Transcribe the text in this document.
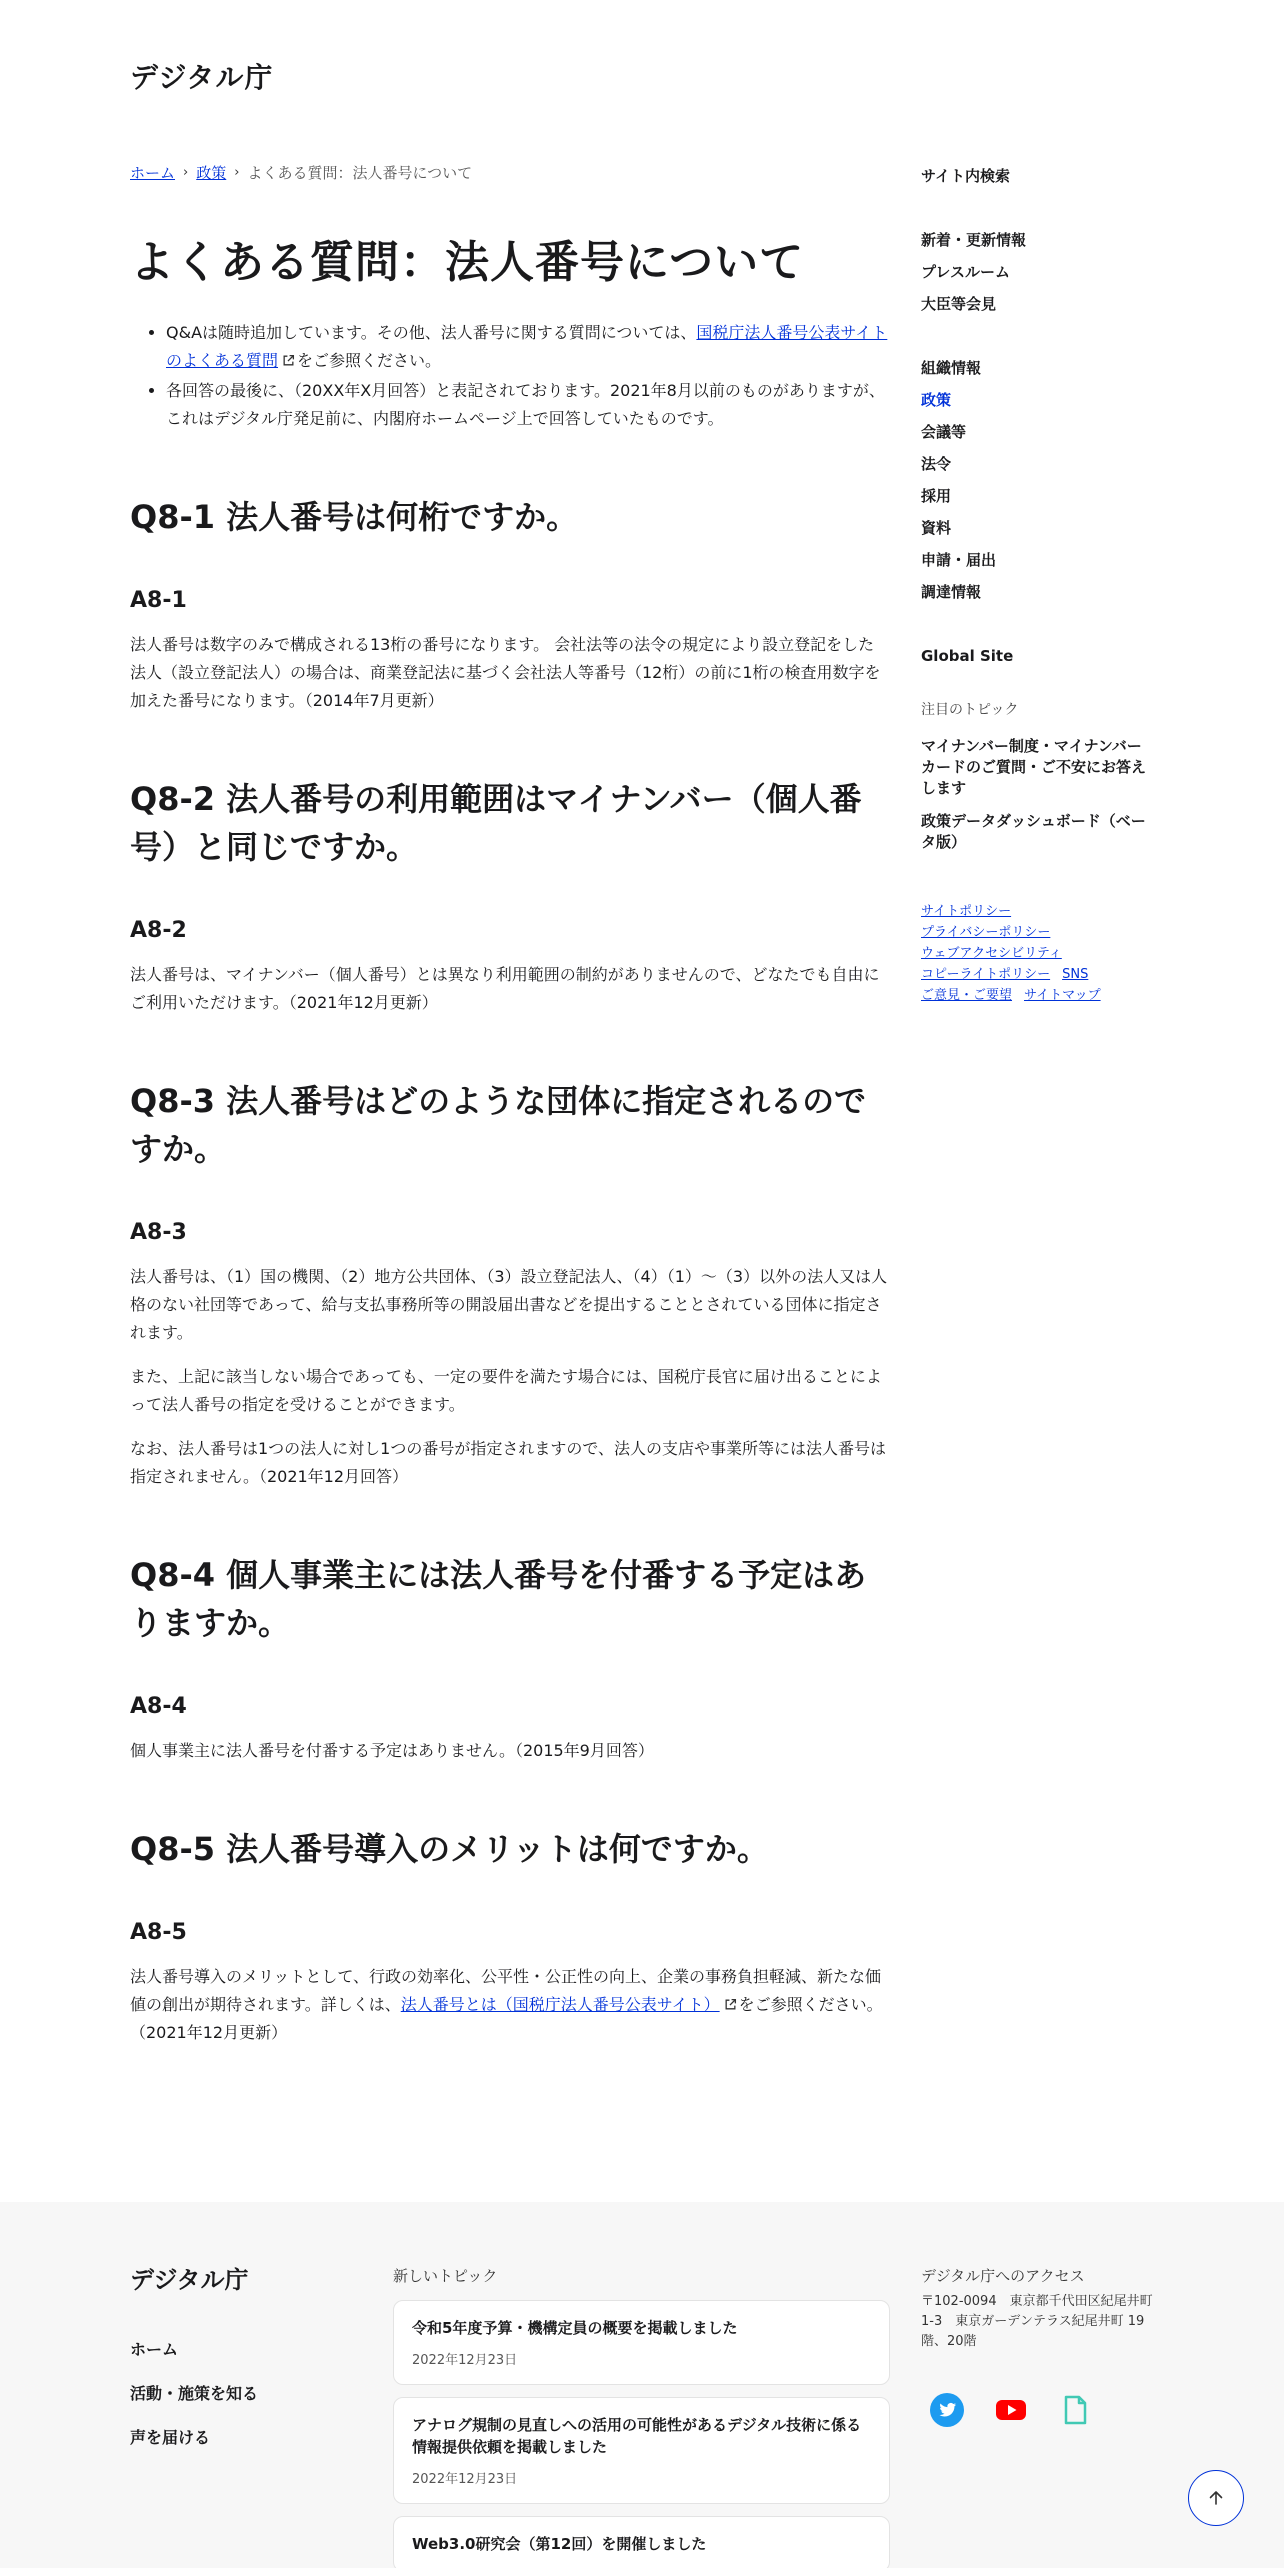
デジタル庁
ホーム › 政策 › よくある質問：法人番号について
よくある質問：法人番号について
• Q&Aは随時追加しています。その他、法人番号に関する質問については、国税庁法人番号公表サイトのよくある質問 をご参照ください。
• 各回答の最後に、（20XX年X月回答）と表記されております。2021年8月以前のものがありますが、これはデジタル庁発足前に、内閣府ホームページ上で回答していたものです。
Q8-1 法人番号は何桁ですか。
A8-1

法人番号は数字のみで構成される13桁の番号になります。 会社法等の法令の規定により設立登記をした法人（設立登記法人）の場合は、商業登記法に基づく会社法人等番号（12桁）の前に1桁の検査用数字を加えた番号になります。（2014年7月更新）

Q8-2 法人番号の利用範囲はマイナンバー（個人番号）と同じですか。
A8-2

法人番号は、マイナンバー（個人番号）とは異なり利用範囲の制約がありませんので、どなたでも自由にご利用いただけます。（2021年12月更新）

Q8-3 法人番号はどのような団体に指定されるのですか。
A8-3

法人番号は、（1）国の機関、（2）地方公共団体、（3）設立登記法人、（4）（1）～（3）以外の法人又は人格のない社団等であって、給与支払事務所等の開設届出書などを提出することとされている団体に指定されます。

また、上記に該当しない場合であっても、一定の要件を満たす場合には、国税庁長官に届け出ることによって法人番号の指定を受けることができます。

なお、法人番号は1つの法人に対し1つの番号が指定されますので、法人の支店や事業所等には法人番号は指定されません。（2021年12月回答）

Q8-4 個人事業主には法人番号を付番する予定はありますか。
A8-4

個人事業主に法人番号を付番する予定はありません。（2015年9月回答）

Q8-5 法人番号導入のメリットは何ですか。
A8-5

法人番号導入のメリットとして、行政の効率化、公平性・公正性の向上、企業の事務負担軽減、新たな価値の創出が期待されます。詳しくは、法人番号とは（国税庁法人番号公表サイト） をご参照ください。（2021年12月更新）

サイト内検索
新着・更新情報
プレスルーム
大臣等会見
組織情報
政策
会議等
法令
採用
資料
申請・届出
調達情報
Global Site
注目のトピック
マイナンバー制度・マイナンバーカードのご質問・ご不安にお答えします
政策データダッシュボード（ベータ版）
サイトポリシー
プライバシーポリシー
ウェブアクセシビリティ
コピーライトポリシー SNS
ご意見・ご要望 サイトマップ
デジタル庁
ホーム
活動・施策を知る
声を届ける
新しいトピック
令和5年度予算・機構定員の概要を掲載しました
2022年12月23日
アナログ規制の見直しへの活用の可能性があるデジタル技術に係る情報提供依頼を掲載しました
2022年12月23日
Web3.0研究会（第12回）を開催しました
デジタル庁へのアクセス
〒102-0094　東京都千代田区紀尾井町1-3　東京ガーデンテラス紀尾井町 19階、20階
